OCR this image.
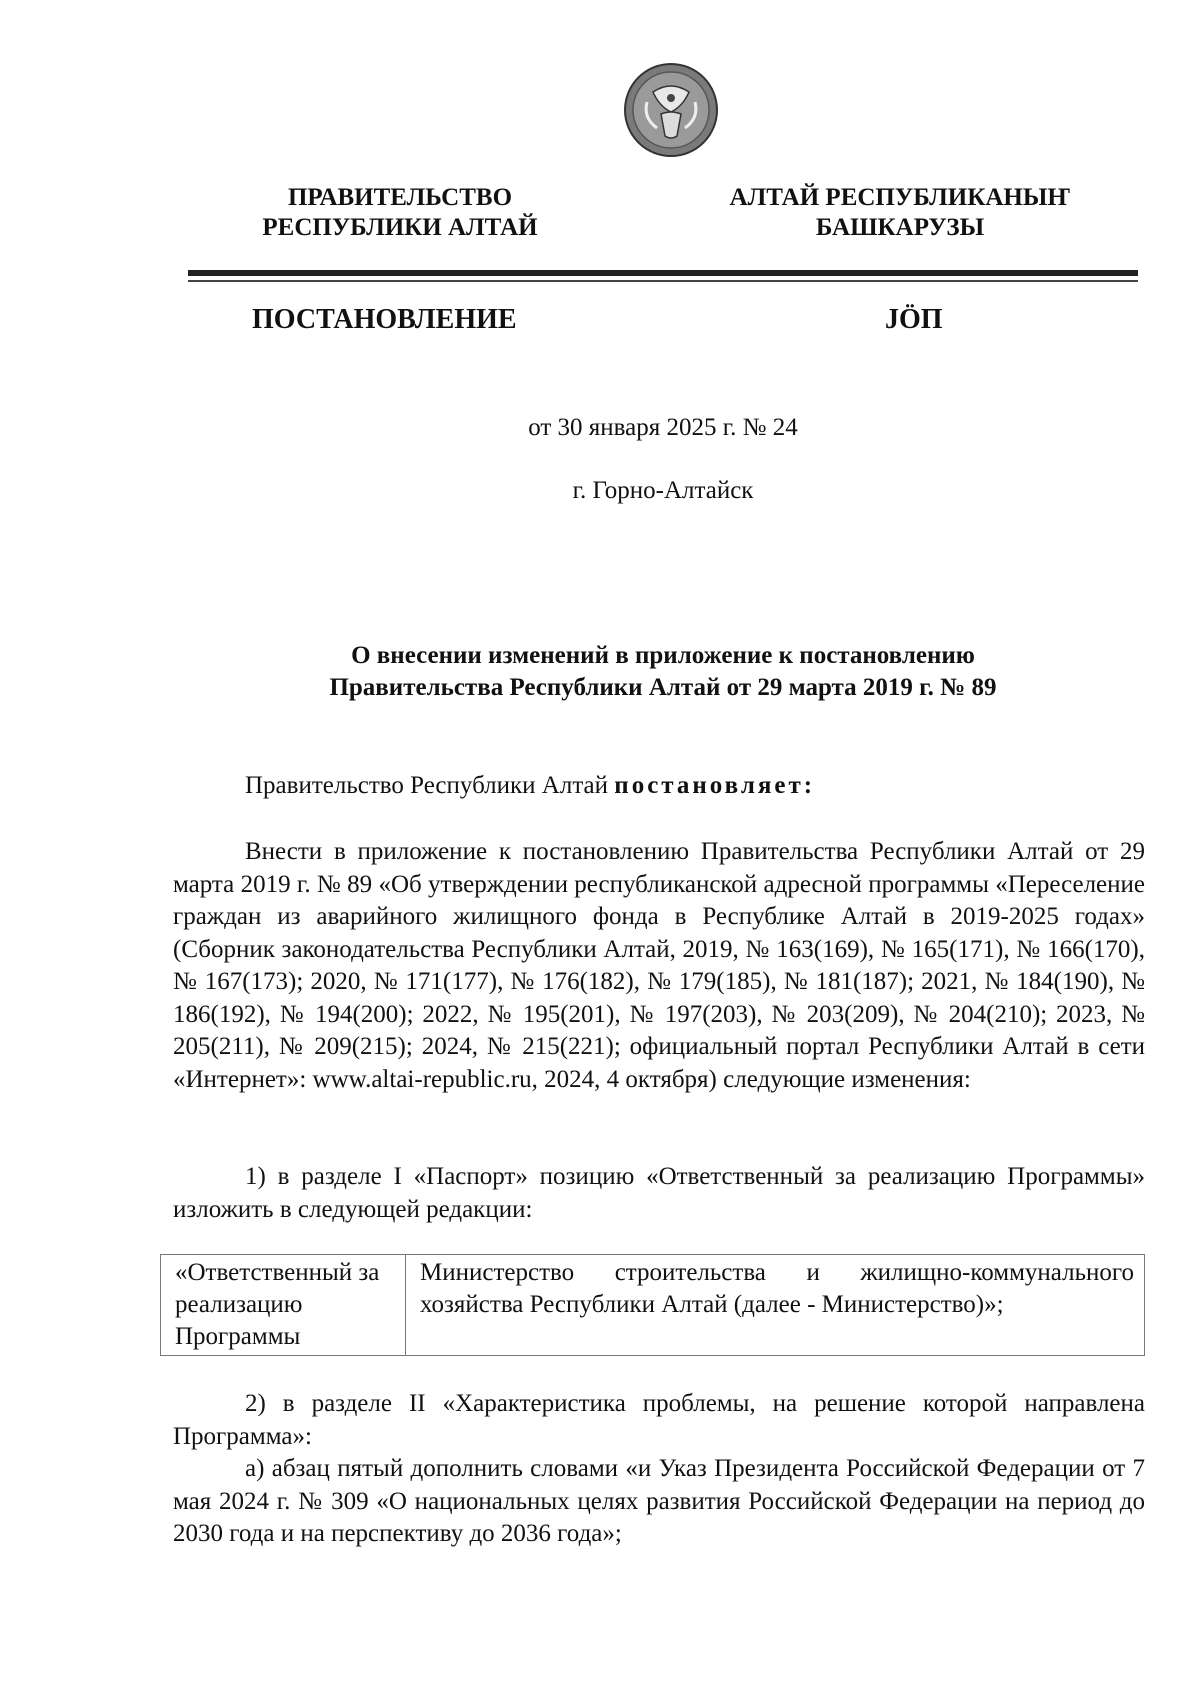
ПРАВИТЕЛЬСТВО
РЕСПУБЛИКИ АЛТАЙ
АЛТАЙ РЕСПУБЛИКАНЫҤ
БАШКАРУЗЫ
ПОСТАНОВЛЕНИЕ	JÖП
от 30 января 2025 г. № 24
г. Горно-Алтайск
О внесении изменений в приложение к постановлению
Правительства Республики Алтай от 29 марта 2019 г. № 89
Правительство Республики Алтай постановляет:
Внести в приложение к постановлению Правительства Республики Алтай от 29 марта 2019 г. № 89 «Об утверждении республиканской адресной программы «Переселение граждан из аварийного жилищного фонда в Республике Алтай в 2019-2025 годах» (Сборник законодательства Республики Алтай, 2019, № 163(169), № 165(171), № 166(170), № 167(173); 2020, № 171(177), № 176(182), № 179(185), № 181(187); 2021, № 184(190), № 186(192), № 194(200); 2022, № 195(201), № 197(203), № 203(209), № 204(210); 2023, № 205(211), № 209(215); 2024, № 215(221); официальный портал Республики Алтай в сети «Интернет»: www.altai-republic.ru, 2024, 4 октября) следующие изменения:
1) в разделе I «Паспорт» позицию «Ответственный за реализацию Программы» изложить в следующей редакции:
«Ответственный за реализацию Программы	Министерство строительства и жилищно-коммунального хозяйства Республики Алтай (далее - Министерство)»;
2) в разделе II «Характеристика проблемы, на решение которой направлена Программа»:
а) абзац пятый дополнить словами «и Указ Президента Российской Федерации от 7 мая 2024 г. № 309 «О национальных целях развития Российской Федерации на период до 2030 года и на перспективу до 2036 года»;
